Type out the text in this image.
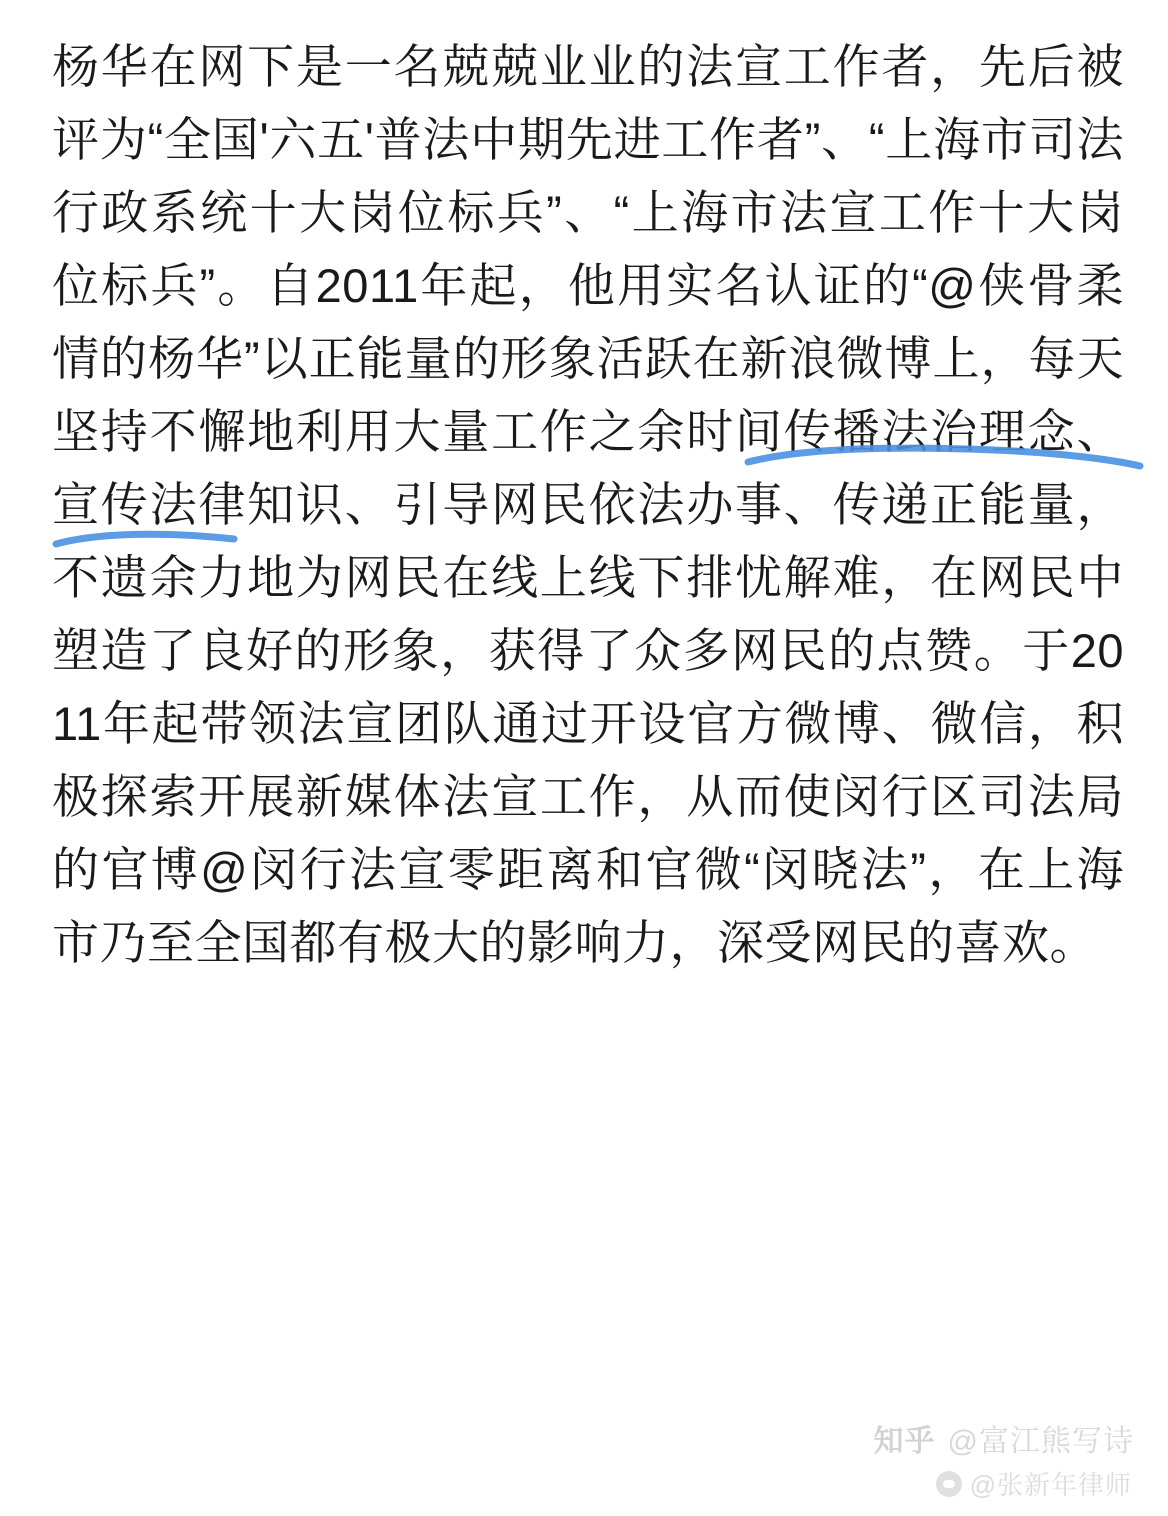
杨华在网下是一名兢兢业业的法宣工作者，先后被评为“全国'六五'普法中期先进工作者”、“上海市司法行政系统十大岗位标兵”、“上海市法宣工作十大岗位标兵”。自2011年起，他用实名认证的“@侠骨柔情的杨华”以正能量的形象活跃在新浪微博上，每天坚持不懈地利用大量工作之余时间传播法治理念、宣传法律知识、引导网民依法办事、传递正能量，不遗余力地为网民在线上线下排忧解难，在网民中塑造了良好的形象，获得了众多网民的点赞。于2011年起带领法宣团队通过开设官方微博、微信，积极探索开展新媒体法宣工作，从而使闵行区司法局的官博@闵行法宣零距离和官微“闵晓法”，在上海市乃至全国都有极大的影响力，深受网民的喜欢。
知乎 @富江熊写诗
@张新年律师
